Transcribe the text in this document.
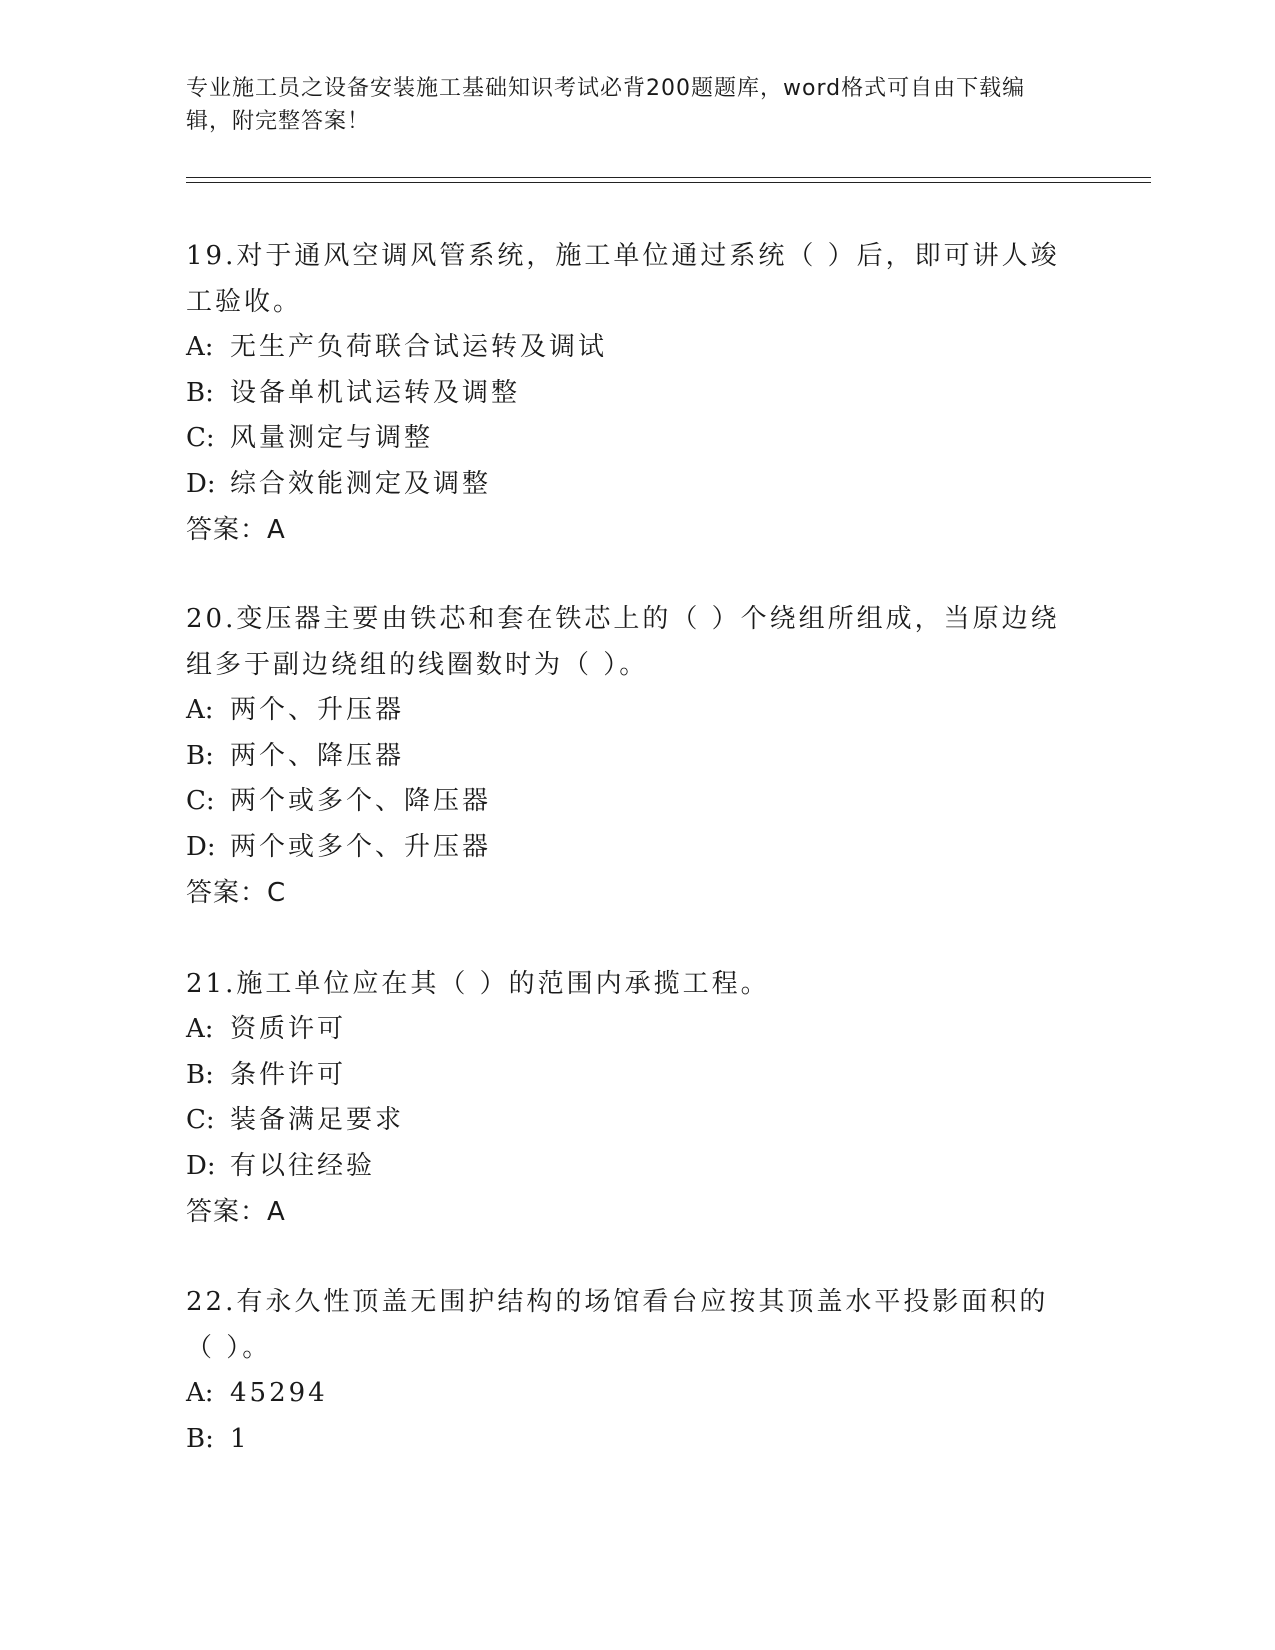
专业施工员之设备安装施工基础知识考试必背200题题库，word格式可自由下载编辑，附完整答案！

19.对于通风空调风管系统，施工单位通过系统（ ）后，即可讲人竣工验收。

A: 无生产负荷联合试运转及调试

B: 设备单机试运转及调整

C: 风量测定与调整

D: 综合效能测定及调整

答案：A

20.变压器主要由铁芯和套在铁芯上的（ ）个绕组所组成，当原边绕组多于副边绕组的线圈数时为（ ）。

A: 两个、升压器

B: 两个、降压器

C: 两个或多个、降压器

D: 两个或多个、升压器

答案：C

21.施工单位应在其（ ）的范围内承揽工程。

A: 资质许可

B: 条件许可

C: 装备满足要求

D: 有以往经验

答案：A

22.有永久性顶盖无围护结构的场馆看台应按其顶盖水平投影面积的（ ）。

A: 45294

B: 1
